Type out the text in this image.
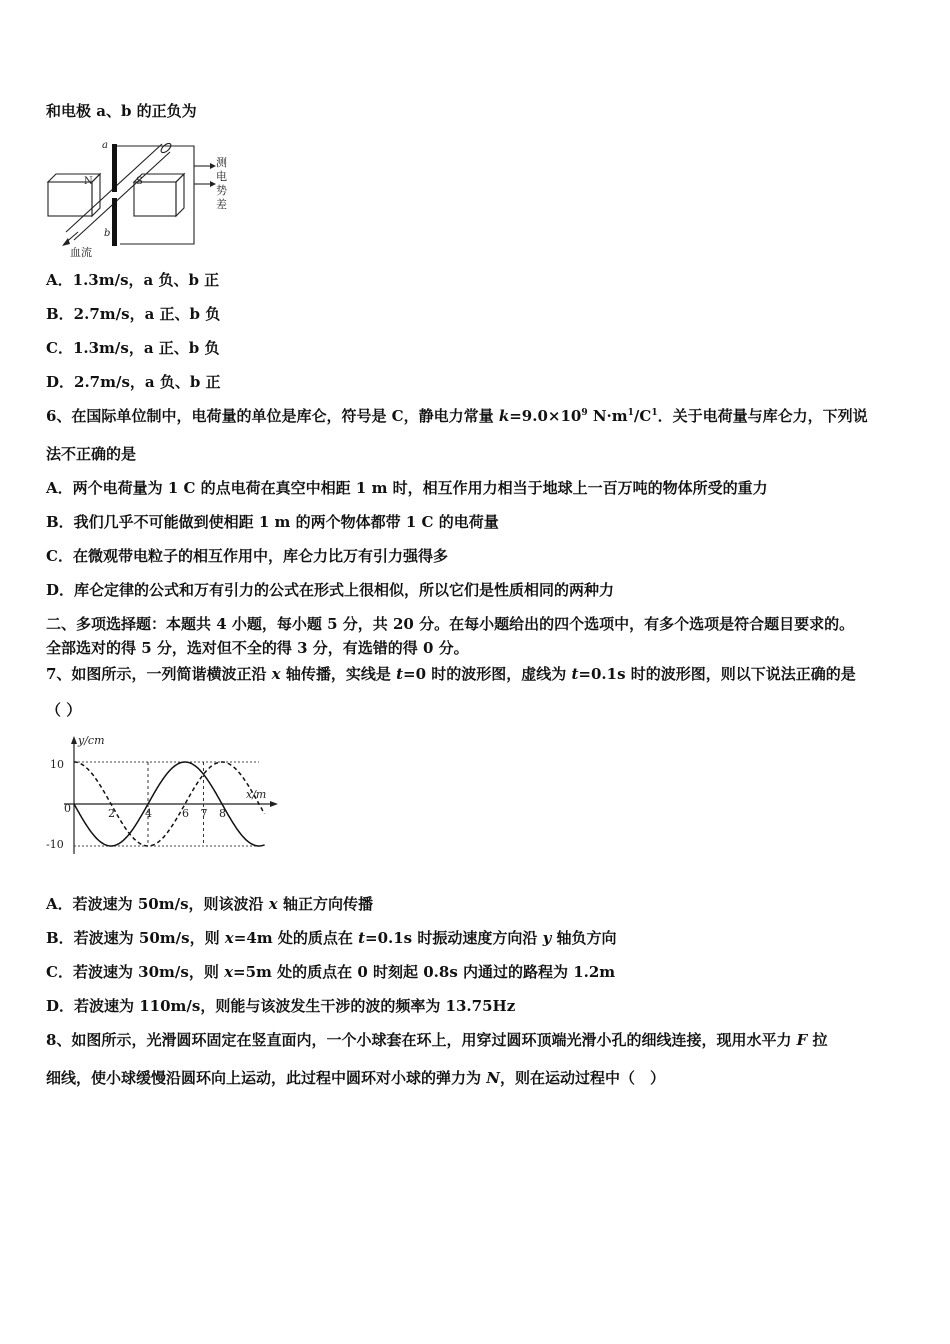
和电极 a、b 的正负为
a
b
N	S
血流
测
电
势
差
A．1.3m/s，a 负、b 正
B．2.7m/s，a 正、b 负
C．1.3m/s，a 正、b 负
D．2.7m/s，a 负、b 正
6、在国际单位制中，电荷量的单位是库仑，符号是 C，静电力常量 $k=9.0\times 10^9$ $N\cdot m^1/C^1$．关于电荷量与库仑力，下列说
法不正确的是
A．两个电荷量为 1 C 的点电荷在真空中相距 1 m 时，相互作用力相当于地球上一百万吨的物体所受的重力
B．我们几乎不可能做到使相距 1 m 的两个物体都带 1 C 的电荷量
C．在微观带电粒子的相互作用中，库仑力比万有引力强得多
D．库仑定律的公式和万有引力的公式在形式上很相似，所以它们是性质相同的两种力
二、多项选择题：本题共 4 小题，每小题 5 分，共 20 分。在每小题给出的四个选项中，有多个选项是符合题目要求的。
全部选对的得 5 分，选对但不全的得 3 分，有选错的得 0 分。
7、如图所示，一列简谐横波正沿 x 轴传播，实线是 t=0 时的波形图，虚线为 t=0.1s 时的波形图，则以下说法正确的是
（ ）
2	4	6 7 8
y/cm
x/m
10
0
-10
A．若波速为 50m/s，则该波沿 x 轴正方向传播
B．若波速为 50m/s，则 x=4m 处的质点在 t=0.1s 时振动速度方向沿 y 轴负方向
C．若波速为 30m/s，则 x=5m 处的质点在 0 时刻起 0.8s 内通过的路程为 1.2m
D．若波速为 110m/s，则能与该波发生干涉的波的频率为 13.75Hz
8、如图所示，光滑圆环固定在竖直面内，一个小球套在环上，用穿过圆环顶端光滑小孔的细线连接，现用水平力 F 拉
细线，使小球缓慢沿圆环向上运动，此过程中圆环对小球的弹力为 N，则在运动过程中（　）
